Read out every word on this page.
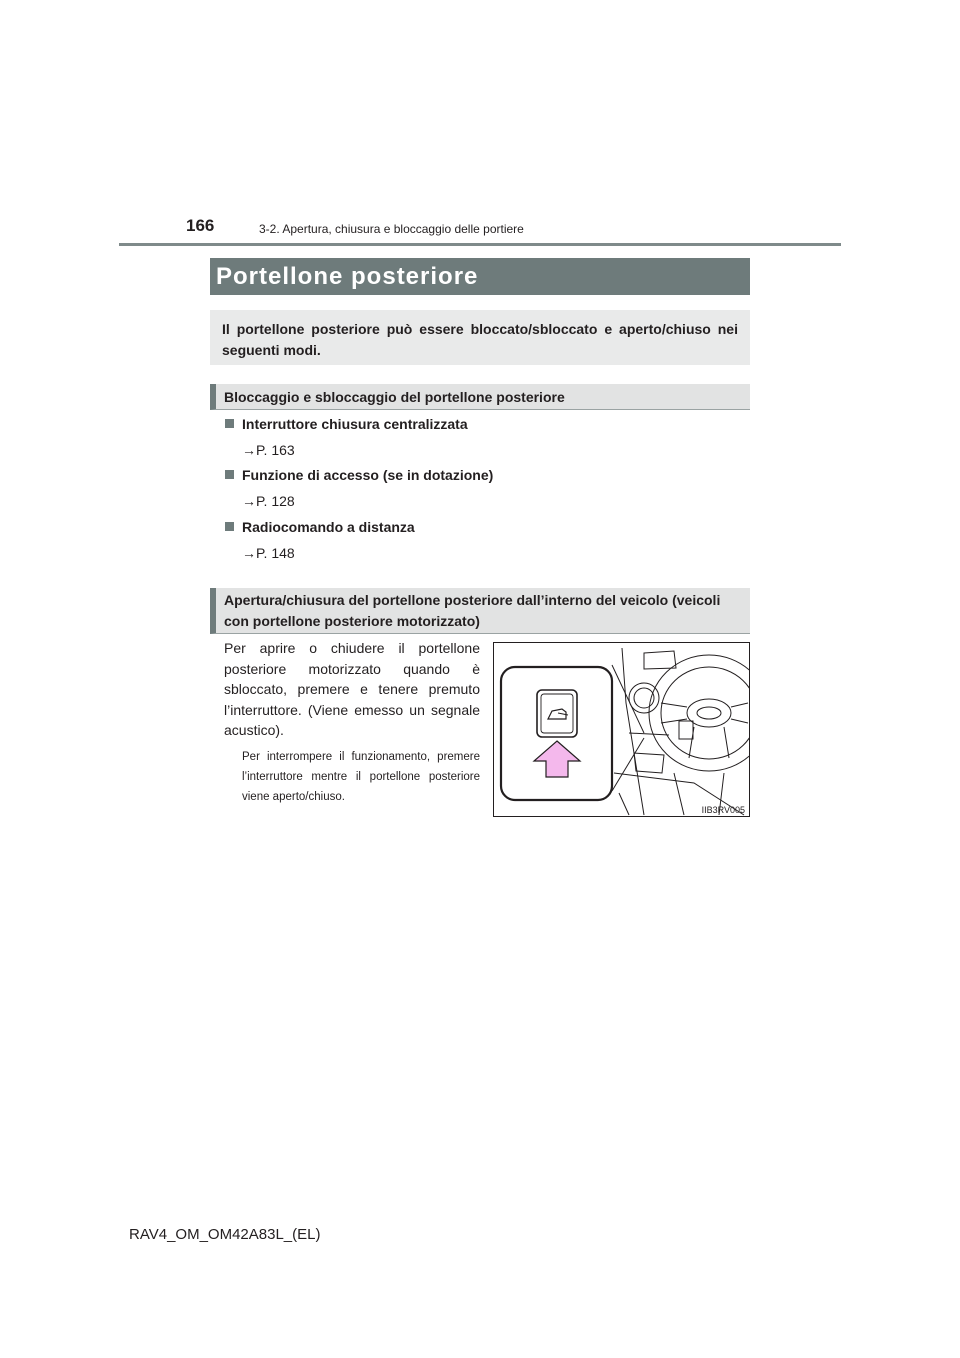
166	3-2. Apertura, chiusura e bloccaggio delle portiere
Portellone posteriore
Il portellone posteriore può essere bloccato/sbloccato e aperto/chiuso nei seguenti modi.
Bloccaggio e sbloccaggio del portellone posteriore
Interruttore chiusura centralizzata
→P. 163
Funzione di accesso (se in dotazione)
→P. 128
Radiocomando a distanza
→P. 148
Apertura/chiusura del portellone posteriore dall’interno del veicolo (veicoli con portellone posteriore motorizzato)
Per aprire o chiudere il portellone posteriore motorizzato quando è sbloccato, premere e tenere premuto l’interruttore. (Viene emesso un segnale acustico).
Per interrompere il funzionamento, premere l’interruttore mentre il portellone posteriore viene aperto/chiuso.
IIB3RV005
RAV4_OM_OM42A83L_(EL)
